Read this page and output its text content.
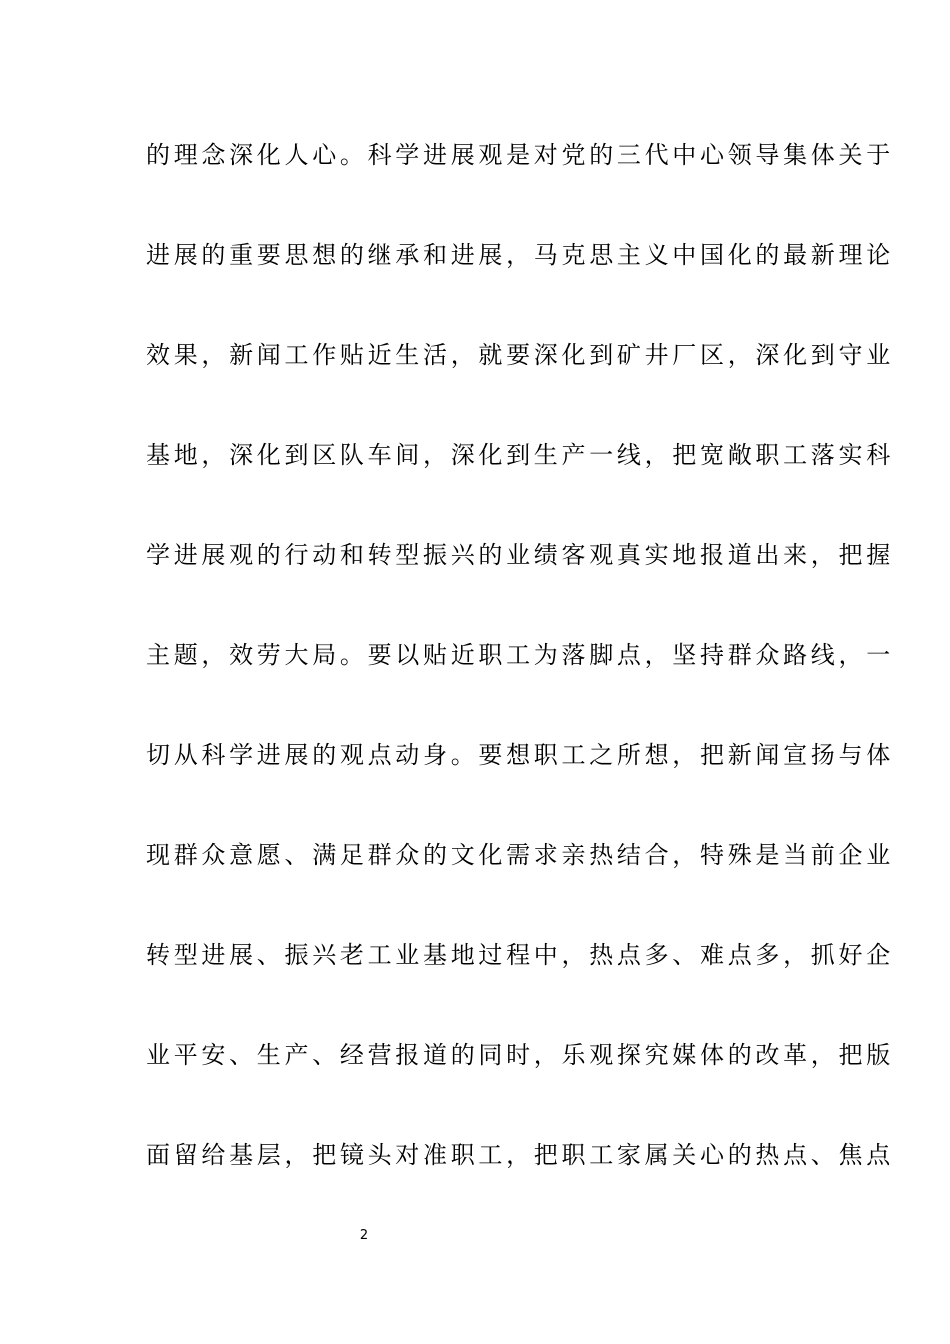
的理念深化人心。科学进展观是对党的三代中心领导集体关于
进展的重要思想的继承和进展，马克思主义中国化的最新理论
效果，新闻工作贴近生活，就要深化到矿井厂区，深化到守业
基地，深化到区队车间，深化到生产一线，把宽敞职工落实科
学进展观的行动和转型振兴的业绩客观真实地报道出来，把握
主题，效劳大局。要以贴近职工为落脚点，坚持群众路线，一
切从科学进展的观点动身。要想职工之所想，把新闻宣扬与体
现群众意愿、满足群众的文化需求亲热结合，特殊是当前企业
转型进展、振兴老工业基地过程中，热点多、难点多，抓好企
业平安、生产、经营报道的同时，乐观探究媒体的改革，把版
面留给基层，把镜头对准职工，把职工家属关心的热点、焦点
2
